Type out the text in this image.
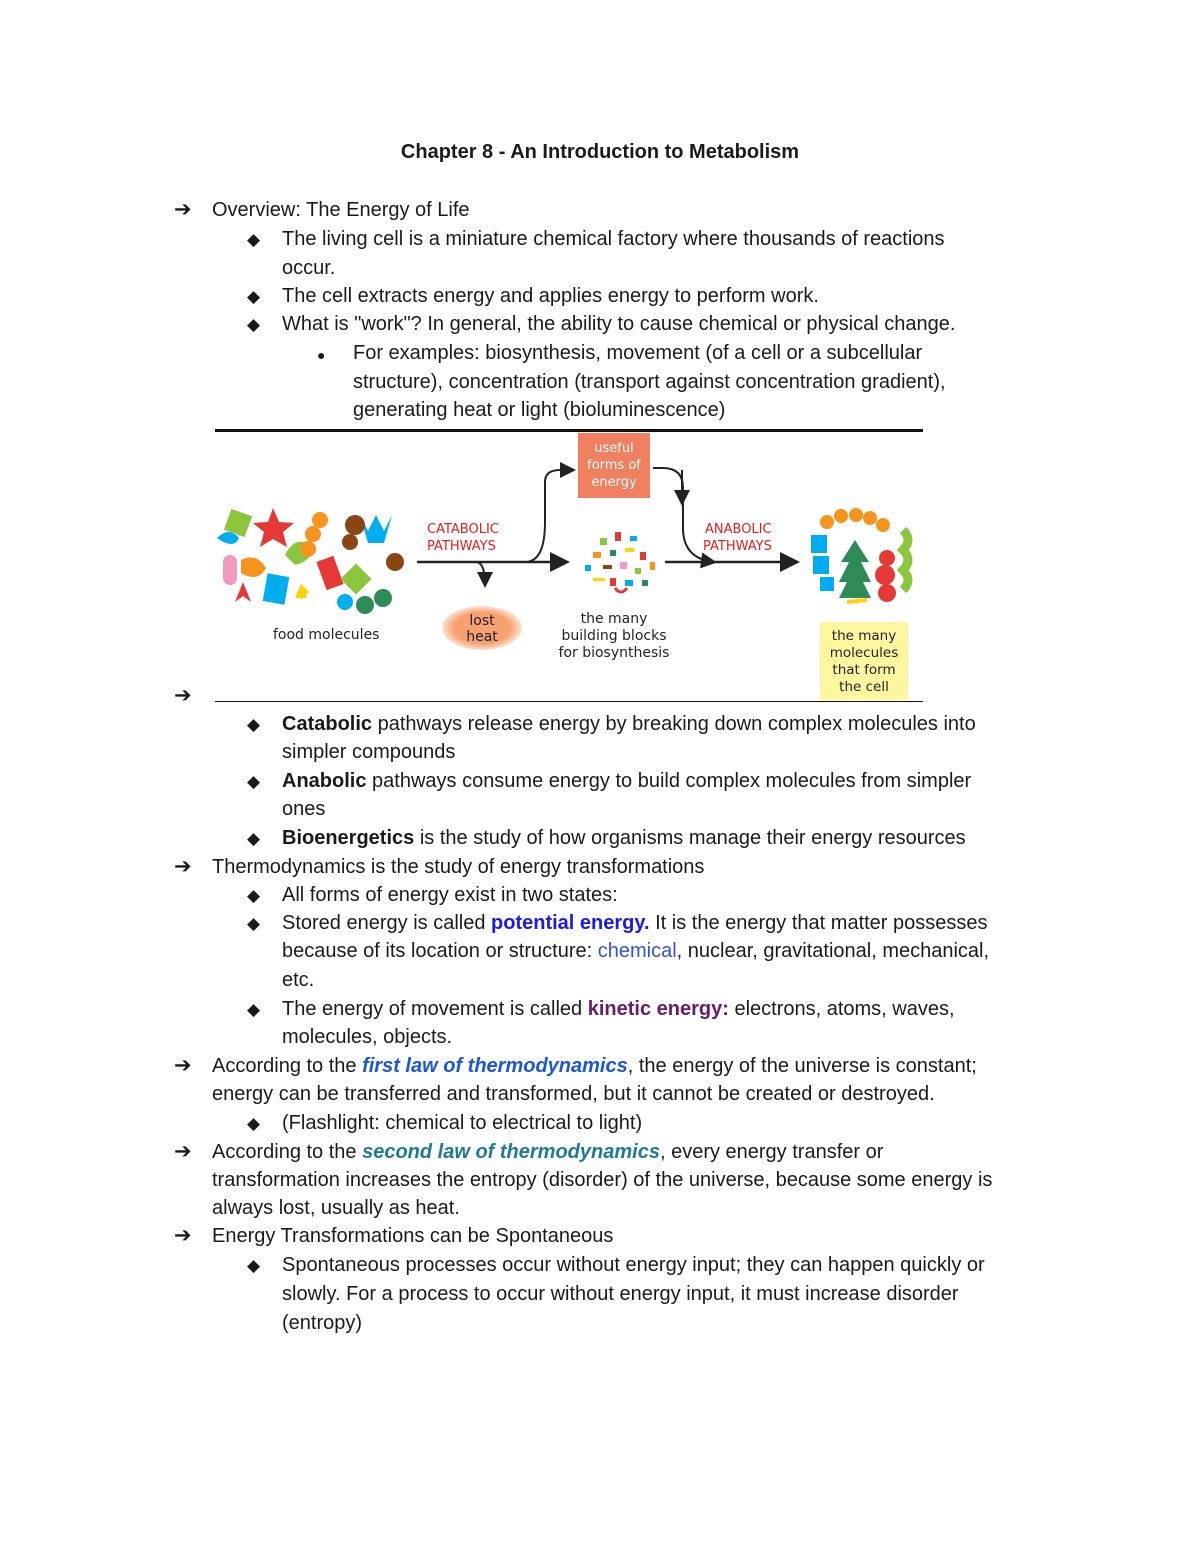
Chapter 8 - An Introduction to Metabolism
➔ Overview: The Energy of Life
◆ The living cell is a miniature chemical factory where thousands of reactions
occur.
◆ The cell extracts energy and applies energy to perform work.
◆ What is "work"? In general, the ability to cause chemical or physical change.
● For examples: biosynthesis, movement (of a cell or a subcellular
structure), concentration (transport against concentration gradient),
generating heat or light (bioluminescence)
food molecules
CATABOLIC
PATHWAYS
lost
heat
useful
forms of
energy
the many
building blocks
for biosynthesis
ANABOLIC
PATHWAYS
the many
molecules
that form
the cell
➔
◆ Catabolic pathways release energy by breaking down complex molecules into
simpler compounds
◆ Anabolic pathways consume energy to build complex molecules from simpler
ones
◆ Bioenergetics is the study of how organisms manage their energy resources
➔ Thermodynamics is the study of energy transformations
◆ All forms of energy exist in two states:
◆ Stored energy is called potential energy. It is the energy that matter possesses
because of its location or structure: chemical, nuclear, gravitational, mechanical,
etc.
◆ The energy of movement is called kinetic energy: electrons, atoms, waves,
molecules, objects.
➔ According to the first law of thermodynamics, the energy of the universe is constant;
energy can be transferred and transformed, but it cannot be created or destroyed.
◆ (Flashlight: chemical to electrical to light)
➔ According to the second law of thermodynamics, every energy transfer or
transformation increases the entropy (disorder) of the universe, because some energy is
always lost, usually as heat.
➔ Energy Transformations can be Spontaneous
◆ Spontaneous processes occur without energy input; they can happen quickly or
slowly. For a process to occur without energy input, it must increase disorder
(entropy)
